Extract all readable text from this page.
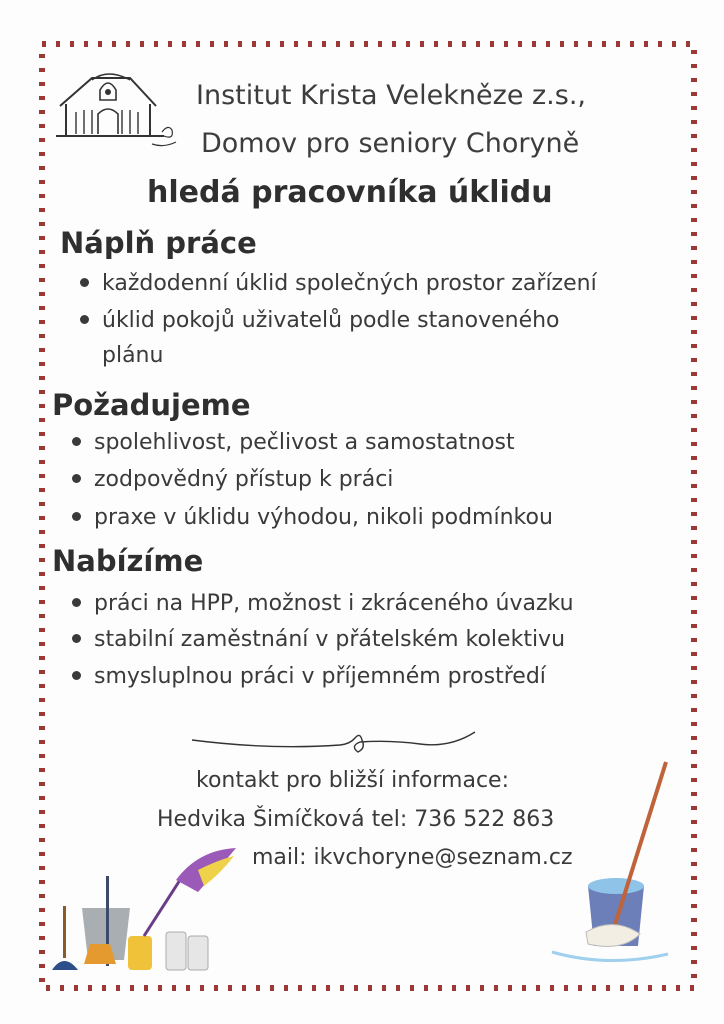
Institut Krista Velekněze z.s.,
Domov pro seniory Choryně
hledá pracovníka úklidu
Náplň práce
každodenní úklid společných prostor zařízení
úklid pokojů uživatelů podle stanoveného
plánu
Požadujeme
spolehlivost, pečlivost a samostatnost
zodpovědný přístup k práci
praxe v úklidu výhodou, nikoli podmínkou
Nabízíme
práci na HPP, možnost i zkráceného úvazku
stabilní zaměstnání v přátelském kolektivu
smysluplnou práci v příjemném prostředí
kontakt pro bližší informace:
Hedvika Šimíčková tel: 736 522 863
mail: ikvchoryne@seznam.cz
